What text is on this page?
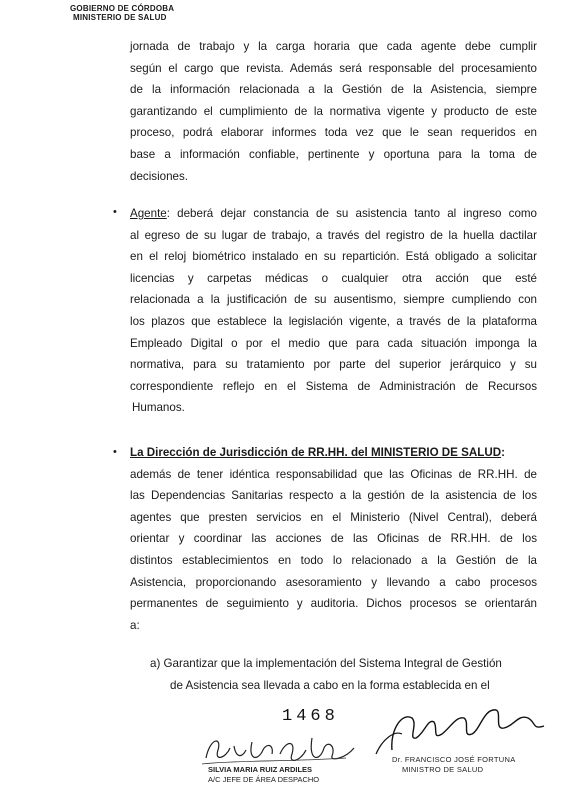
GOBIERNO DE CÓRDOBA
MINISTERIO DE SALUD
jornada de trabajo y la carga horaria que cada agente debe cumplir
según el cargo que revista. Además será responsable del procesamiento
de la información relacionada a la Gestión de la Asistencia, siempre
garantizando el cumplimiento de la normativa vigente y producto de este
proceso, podrá elaborar informes toda vez que le sean requeridos en
base a información confiable, pertinente y oportuna para la toma de
decisiones.
• Agente: deberá dejar constancia de su asistencia tanto al ingreso como
al egreso de su lugar de trabajo, a través del registro de la huella dactilar
en el reloj biométrico instalado en su repartición. Está obligado a solicitar
licencias y carpetas médicas o cualquier otra acción que esté
relacionada a la justificación de su ausentismo, siempre cumpliendo con
los plazos que establece la legislación vigente, a través de la plataforma
Empleado Digital o por el medio que para cada situación imponga la
normativa, para su tratamiento por parte del superior jerárquico y su
correspondiente reflejo en el Sistema de Administración de Recursos
Humanos.
• La Dirección de Jurisdicción de RR.HH. del MINISTERIO DE SALUD:
además de tener idéntica responsabilidad que las Oficinas de RR.HH. de
las Dependencias Sanitarias respecto a la gestión de la asistencia de los
agentes que presten servicios en el Ministerio (Nivel Central), deberá
orientar y coordinar las acciones de las Oficinas de RR.HH. de los
distintos establecimientos en todo lo relacionado a la Gestión de la
Asistencia, proporcionando asesoramiento y llevando a cabo procesos
permanentes de seguimiento y auditoria. Dichos procesos se orientarán
a:
a) Garantizar que la implementación del Sistema Integral de Gestión
de Asistencia sea llevada a cabo en la forma establecida en el
1468
SILVIA MARIA RUIZ ARDILES
A/C JEFE DE ÁREA DESPACHO
Dr. FRANCISCO JOSÉ FORTUNA
MINISTRO DE SALUD
